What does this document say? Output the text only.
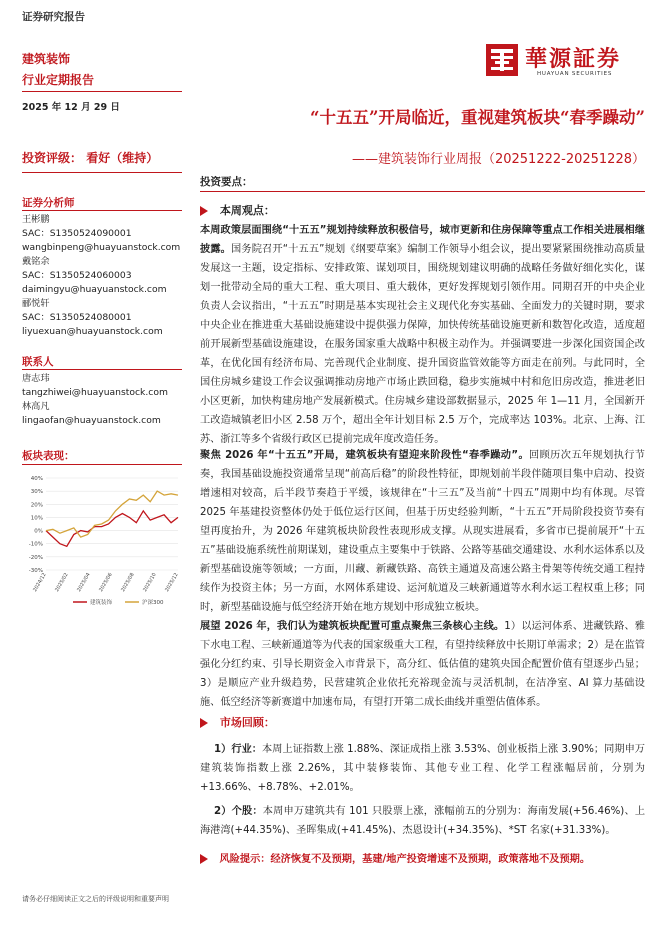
证券研究报告
華源証券
HUAYUAN SECURITIES
建筑装饰
行业定期报告
2025 年 12 月 29 日
“十五五”开局临近，重视建筑板块“春季躁动”
——建筑装饰行业周报（20251222-20251228）
投资评级： 看好（维持）
证券分析师
王彬鹏
SAC：S1350524090001
wangbinpeng@huayuanstock.com
戴铭余
SAC：S1350524060003
daimingyu@huayuanstock.com
郦悦轩
SAC：S1350524080001
liyuexuan@huayuanstock.com
联系人
唐志玮
tangzhiwei@huayuanstock.com
林高凡
lingaofan@huayuanstock.com
板块表现：
40%
30%
20%
10%
0%
-10%
-20%
-30%
2024/12 2025/02 2025/04 2025/06 2025/08 2025/10 2025/12
建筑装饰	沪深300
投资要点：
本周观点：
本周政策层面围绕“十五五”规划持续释放积极信号，城市更新和住房保障等重点工作相关进展相继披露。国务院召开“十五五”规划《纲要草案》编制工作领导小组会议，提出要紧紧围绕推动高质量发展这一主题，设定指标、安排政策、谋划项目，围绕规划建议明确的战略任务做好细化实化，谋划一批带动全局的重大工程、重大项目、重大载体，更好发挥规划引领作用。同期召开的中央企业负责人会议指出，“十五五”时期是基本实现社会主义现代化夯实基础、全面发力的关键时期，要求中央企业在推进重大基础设施建设中提供强力保障，加快传统基础设施更新和数智化改造，适度超前开展新型基础设施建设，在服务国家重大战略中积极主动作为。并强调要进一步深化国资国企改革，在优化国有经济布局、完善现代企业制度、提升国资监管效能等方面走在前列。与此同时，全国住房城乡建设工作会议强调推动房地产市场止跌回稳，稳步实施城中村和危旧房改造，推进老旧小区更新，加快构建房地产发展新模式。住房城乡建设部数据显示，2025 年 1—11 月，全国新开工改造城镇老旧小区 2.58 万个，超出全年计划目标 2.5 万个，完成率达 103%。北京、上海、江苏、浙江等多个省级行政区已提前完成年度改造任务。
聚焦 2026 年“十五五”开局，建筑板块有望迎来阶段性“春季躁动”。回顾历次五年规划执行节奏，我国基础设施投资通常呈现“前高后稳”的阶段性特征，即规划前半段伴随项目集中启动、投资增速相对较高，后半段节奏趋于平缓，该规律在“十三五”及当前“十四五”周期中均有体现。尽管 2025 年基建投资整体仍处于低位运行区间，但基于历史经验判断，“十五五”开局阶段投资节奏有望再度抬升，为 2026 年建筑板块阶段性表现形成支撑。从现实进展看，多省市已提前展开“十五五”基础设施系统性前期谋划，建设重点主要集中于铁路、公路等基础交通建设、水利水运体系以及新型基础设施等领域；一方面，川藏、新藏铁路、高铁主通道及高速公路主骨架等传统交通工程持续作为投资主体；另一方面，水网体系建设、运河航道及三峡新通道等水利水运工程权重上移；同时，新型基础设施与低空经济开始在地方规划中形成独立板块。
展望 2026 年，我们认为建筑板块配置可重点聚焦三条核心主线。1）以运河体系、进藏铁路、雅下水电工程、三峡新通道等为代表的国家级重大工程，有望持续释放中长期订单需求；2）是在监管强化分红约束、引导长期资金入市背景下，高分红、低估值的建筑央国企配置价值有望逐步凸显；3）是顺应产业升级趋势，民营建筑企业依托充裕现金流与灵活机制，在洁净室、AI 算力基础设施、低空经济等新赛道中加速布局，有望打开第二成长曲线并重塑估值体系。
市场回顾：
1）行业：本周上证指数上涨 1.88%、深证成指上涨 3.53%、创业板指上涨 3.90%；同期申万建筑装饰指数上涨 2.26%，其中装修装饰、其他专业工程、化学工程涨幅居前，分别为+13.66%、+8.78%、+2.01%。
2）个股：本周申万建筑共有 101 只股票上涨，涨幅前五的分别为：海南发展(+56.46%)、上海港湾(+44.35%)、圣晖集成(+41.45%)、杰恩设计(+34.35%)、*ST 名家(+31.33%)。
风险提示：经济恢复不及预期，基建/地产投资增速不及预期，政策落地不及预期。
请务必仔细阅读正文之后的评级说明和重要声明
